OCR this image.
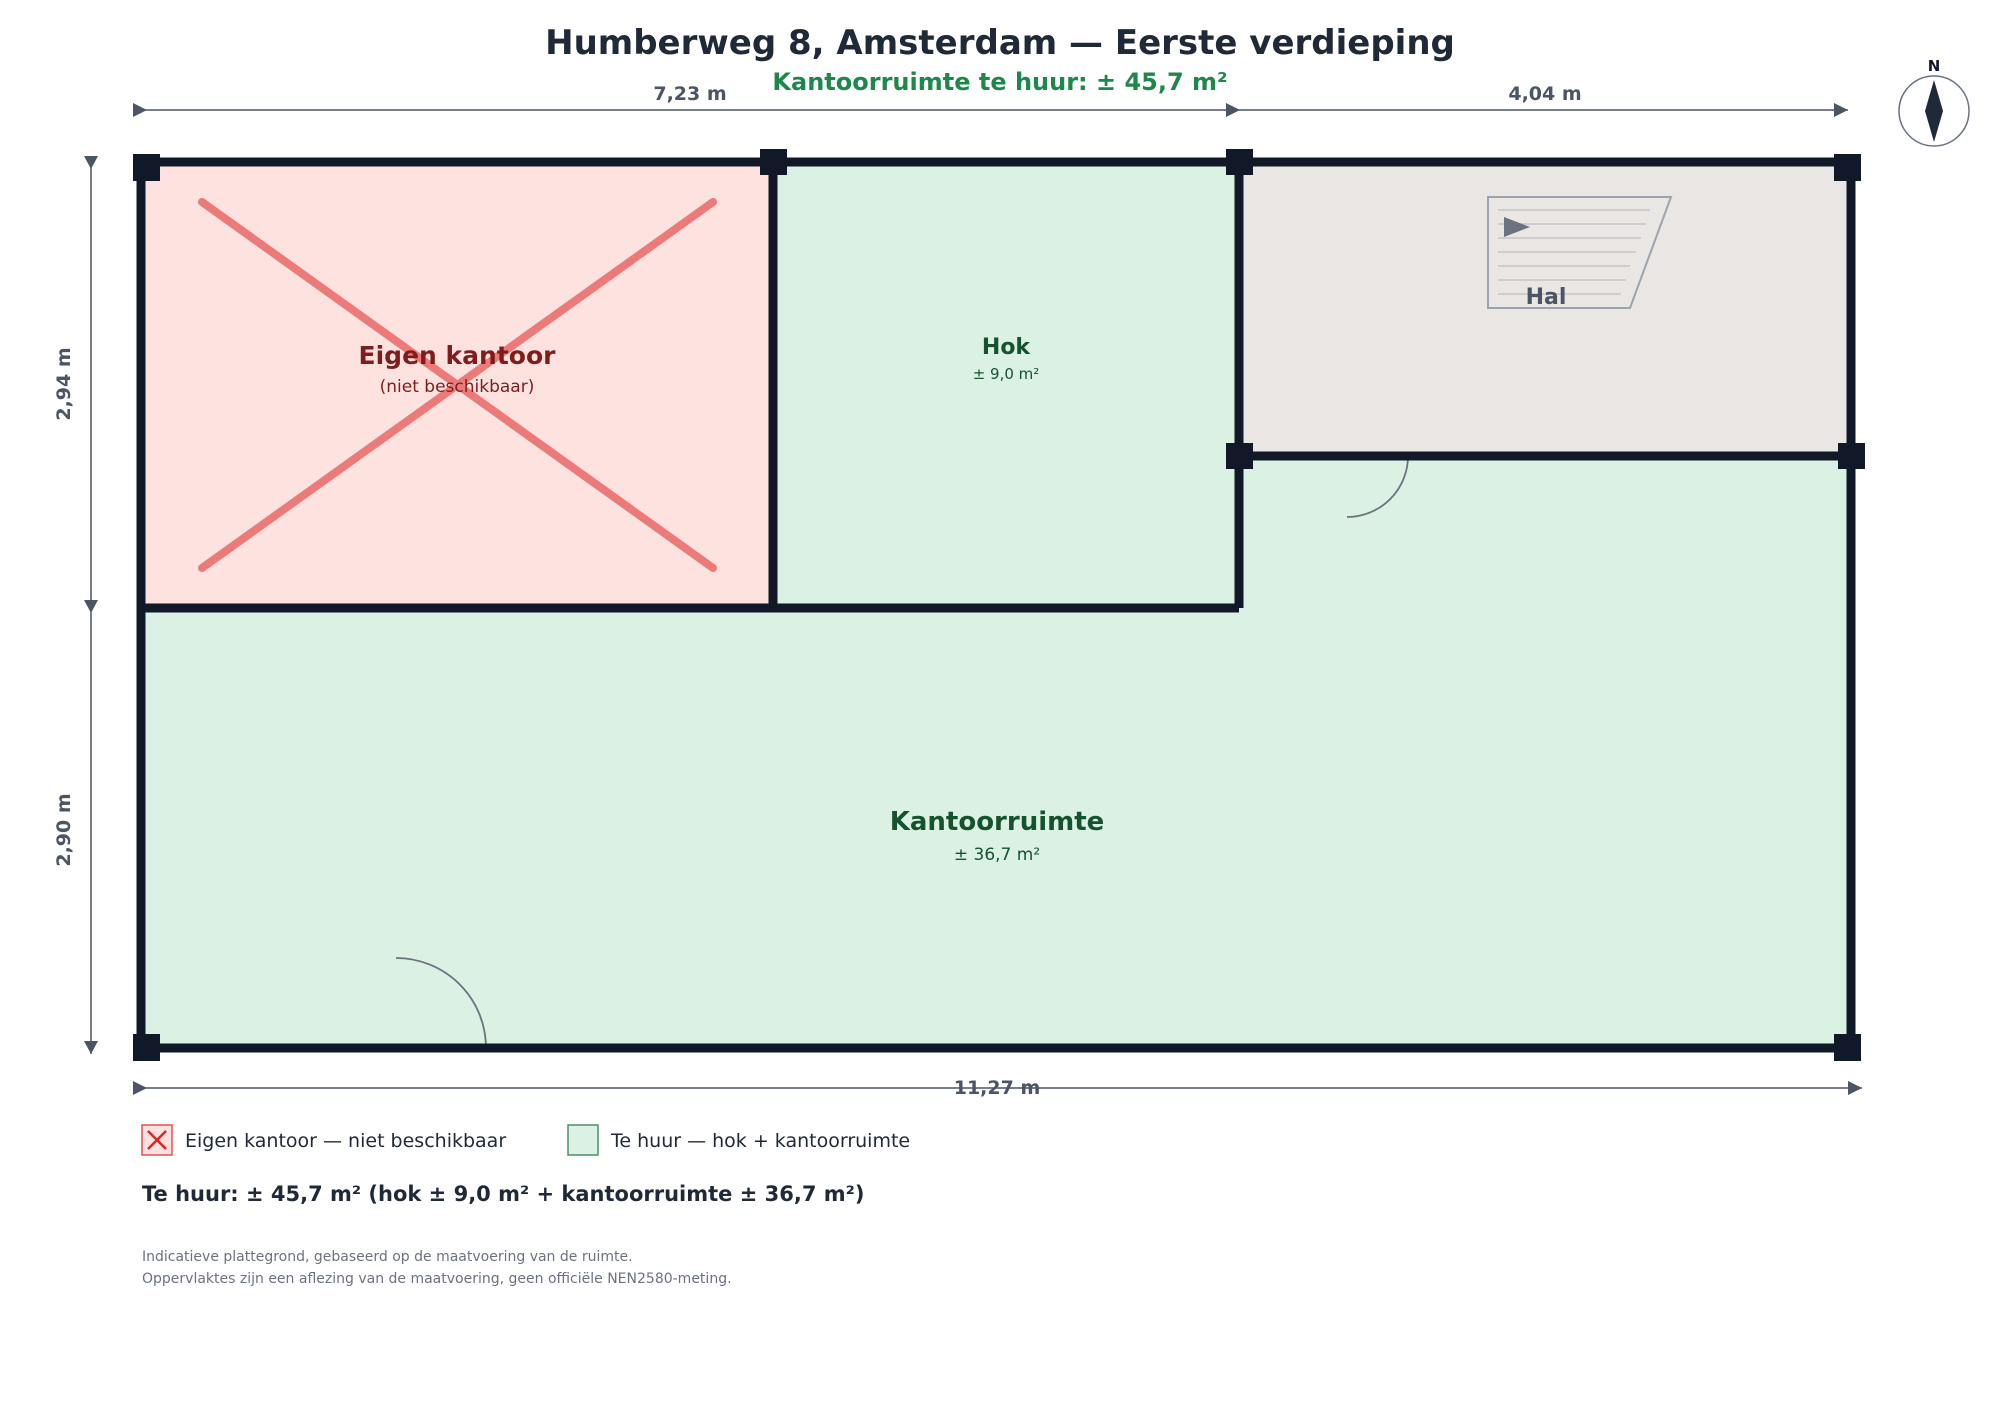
Humberweg 8, Amsterdam — Eerste verdieping
Kantoorruimte te huur: ± 45,7 m²
7,23 m	4,04 m
2,94 m
2,90 m
Eigen kantoor
(niet beschikbaar)
Hok
± 9,0 m²
Hal
Kantoorruimte
± 36,7 m²
11,27 m
N
Eigen kantoor — niet beschikbaar	Te huur — hok + kantoorruimte
Te huur: ± 45,7 m² (hok ± 9,0 m² + kantoorruimte ± 36,7 m²)
Indicatieve plattegrond, gebaseerd op de maatvoering van de ruimte.
Oppervlaktes zijn een aflezing van de maatvoering, geen officiële NEN2580-meting.
